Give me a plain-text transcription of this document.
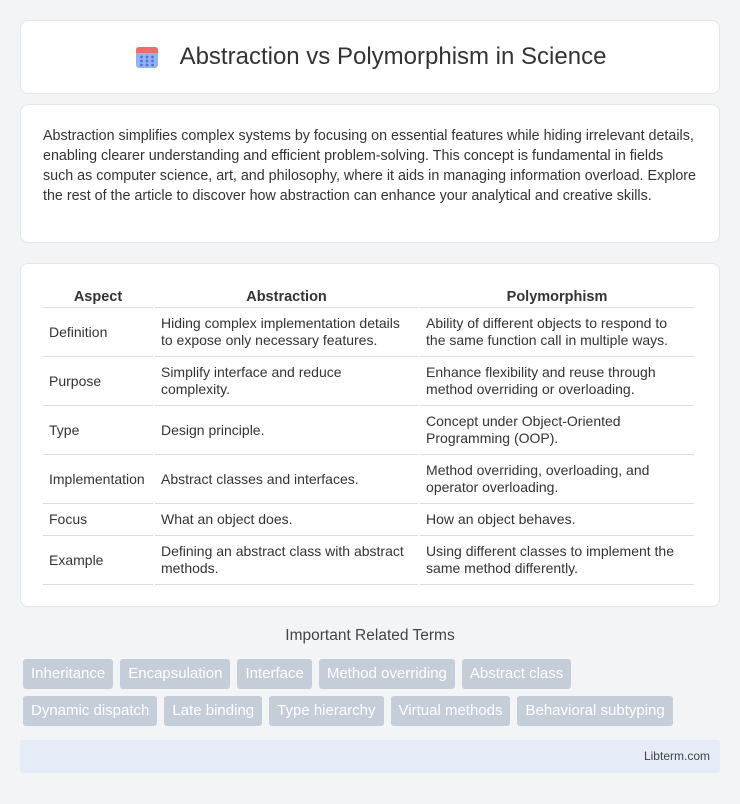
Abstraction vs Polymorphism in Science

Abstraction simplifies complex systems by focusing on essential features while hiding irrelevant details, enabling clearer understanding and efficient problem-solving. This concept is fundamental in fields such as computer science, art, and philosophy, where it aids in managing information overload. Explore the rest of the article to discover how abstraction can enhance your analytical and creative skills.

Aspect	Abstraction	Polymorphism
Definition	Hiding complex implementation details to expose only necessary features.	Ability of different objects to respond to the same function call in multiple ways.
Purpose	Simplify interface and reduce complexity.	Enhance flexibility and reuse through method overriding or overloading.
Type	Design principle.	Concept under Object-Oriented Programming (OOP).
Implementation	Abstract classes and interfaces.	Method overriding, overloading, and operator overloading.
Focus	What an object does.	How an object behaves.
Example	Defining an abstract class with abstract methods.	Using different classes to implement the same method differently.
Important Related Terms
Inheritance	Encapsulation	Interface	Method overriding	Abstract class
Dynamic dispatch	Late binding	Type hierarchy	Virtual methods	Behavioral subtyping
Libterm.com
